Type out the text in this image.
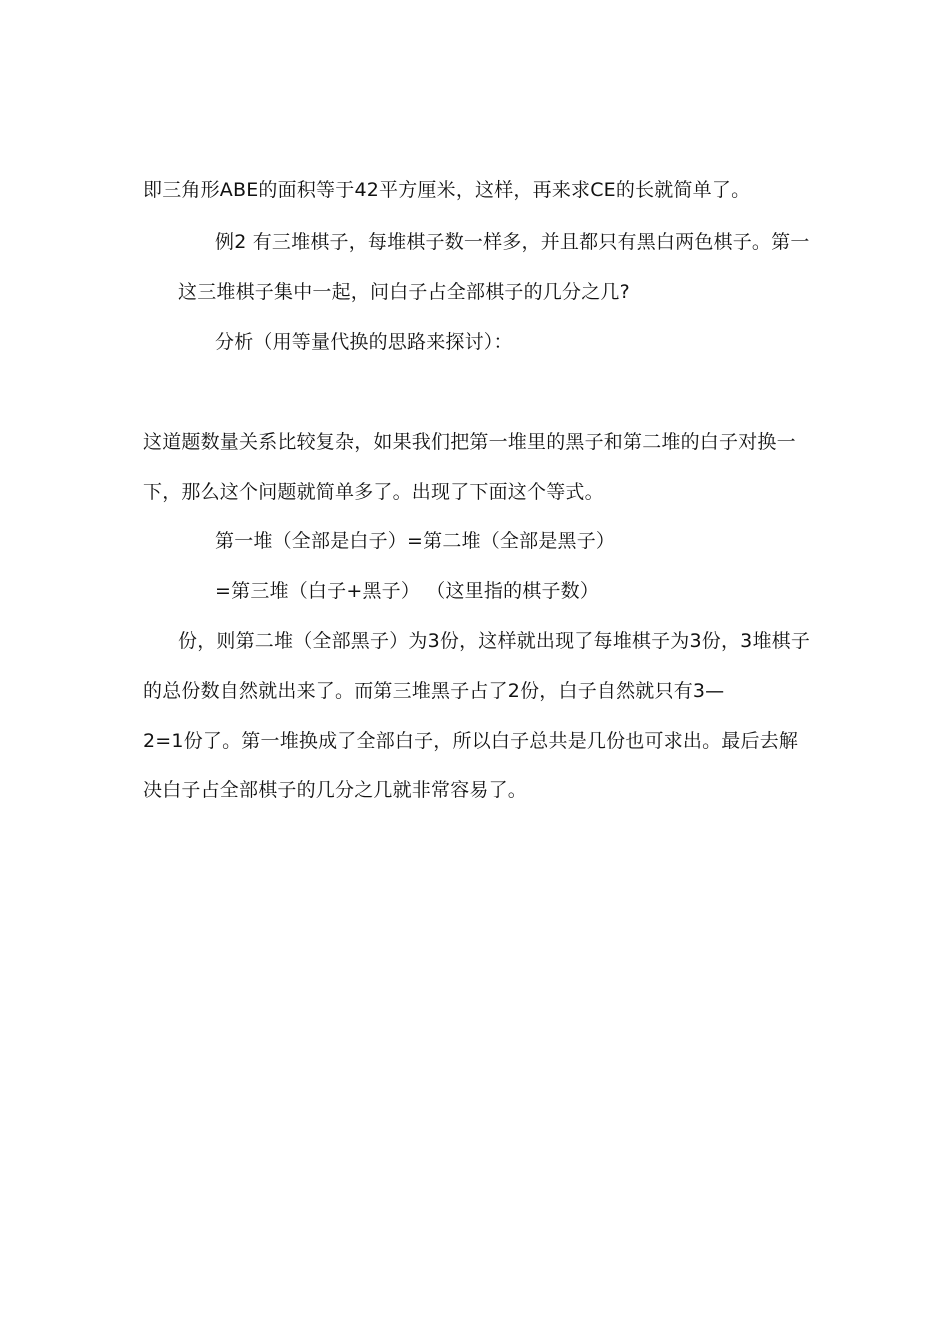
即三角形ABE的面积等于42平方厘米，这样，再来求CE的长就简单了。
例2 有三堆棋子，每堆棋子数一样多，并且都只有黑白两色棋子。第一
这三堆棋子集中一起，问白子占全部棋子的几分之几?
分析（用等量代换的思路来探讨）：
这道题数量关系比较复杂，如果我们把第一堆里的黑子和第二堆的白子对换一
下，那么这个问题就简单多了。出现了下面这个等式。
第一堆（全部是白子）=第二堆（全部是黑子）
=第三堆（白子+黑子） （这里指的棋子数）
份，则第二堆（全部黑子）为3份，这样就出现了每堆棋子为3份，3堆棋子
的总份数自然就出来了。而第三堆黑子占了2份，白子自然就只有3—
2=1份了。第一堆换成了全部白子，所以白子总共是几份也可求出。最后去解
决白子占全部棋子的几分之几就非常容易了。
